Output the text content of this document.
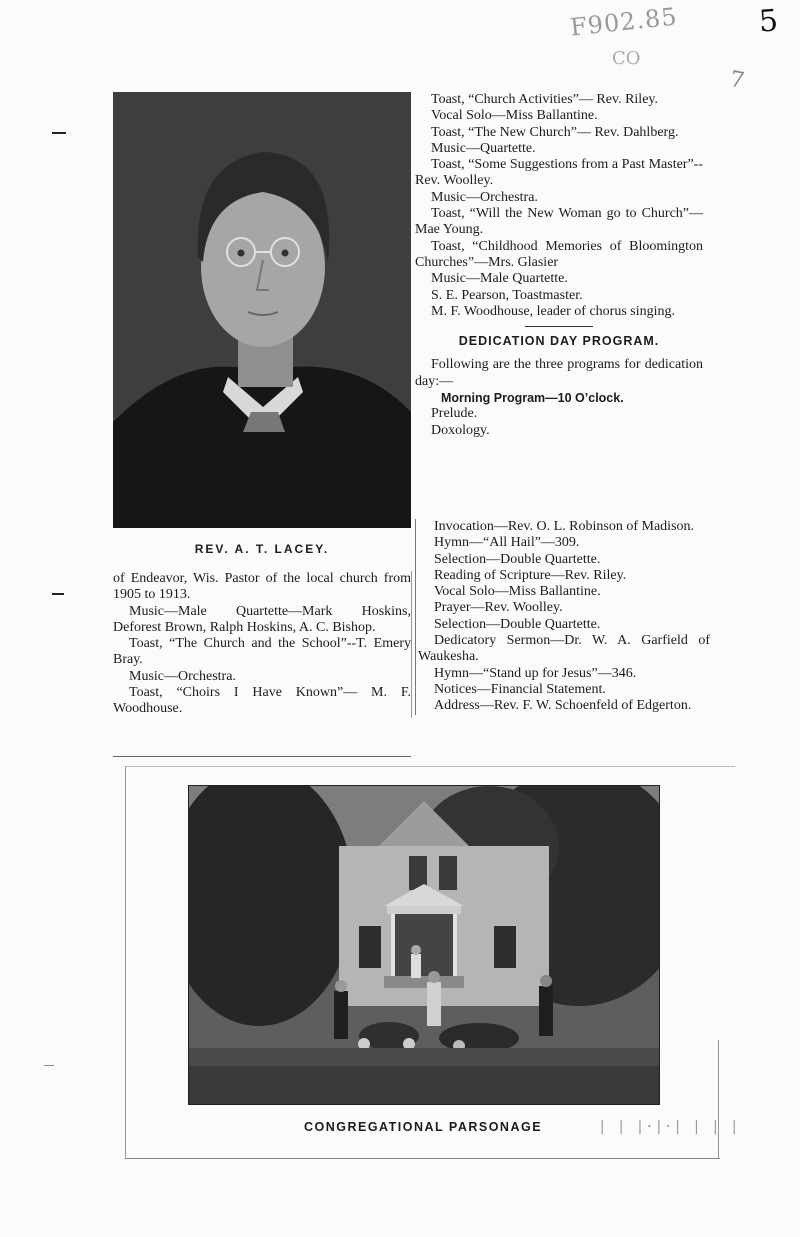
5
F902.85
CO
7
REV. A. T. LACEY.

Toast, “Church Activities”— Rev. Riley.

Vocal Solo—Miss Ballantine.

Toast, “The New Church”— Rev. Dahlberg.

Music—Quartette.

Toast, “Some Suggestions from a Past Master”--Rev. Woolley.

Music—Orchestra.

Toast, “Will the New Woman go to Church”—Mae Young.

Toast, “Childhood Memories of Bloomington Churches”—Mrs. Glasier

Music—Male Quartette.

S. E. Pearson, Toastmaster.

M. F. Woodhouse, leader of chorus singing.

DEDICATION DAY PROGRAM.

Following are the three programs for dedication day:—

Morning Program—10 O’clock.

Prelude.

Doxology.

Invocation—Rev. O. L. Robinson of Madison.

Hymn—“All Hail”—309.

Selection—Double Quartette.

Reading of Scripture—Rev. Riley.

Vocal Solo—Miss Ballantine.

Prayer—Rev. Woolley.

Selection—Double Quartette.

Dedicatory Sermon—Dr. W. A. Garfield of Waukesha.

Hymn—“Stand up for Jesus”—346.

Notices—Financial Statement.

Address—Rev. F. W. Schoenfeld of Edgerton.

of Endeavor, Wis. Pastor of the local church from 1905 to 1913.

Music—Male Quartette—Mark Hoskins, Deforest Brown, Ralph Hoskins, A. C. Bishop.

Toast, “The Church and the School”--T. Emery Bray.

Music—Orchestra.

Toast, “Choirs I Have Known”— M. F. Woodhouse.

CONGREGATIONAL PARSONAGE	| | |·|·| | | |
